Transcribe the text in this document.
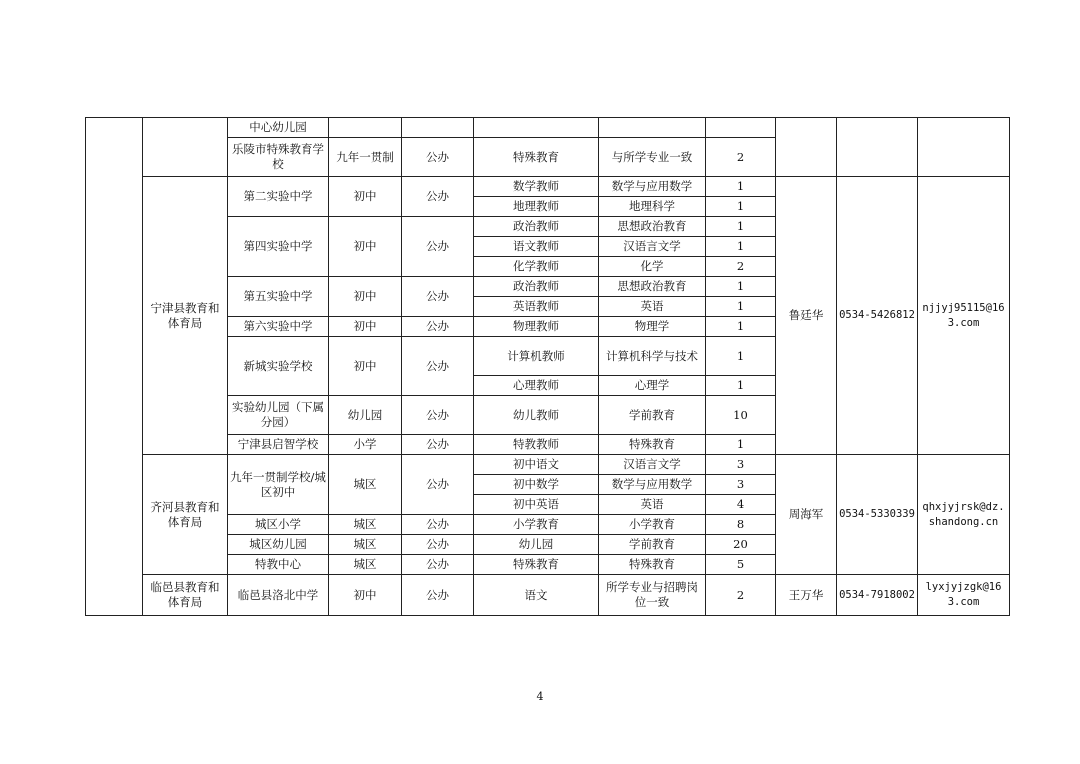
		中心幼儿园								
		乐陵市特殊教育学校	九年一贯制	公办	特殊教育	与所学专业一致	2			

	宁津县教育和体育局	第二实验中学	初中	公办	数学教师	数学与应用数学	1	鲁廷华	0534-5426812	njjyj95115@163.com
					地理教师	地理科学	1			
		第四实验中学	初中	公办	政治教师	思想政治教育	1			
					语文教师	汉语言文学	1			
					化学教师	化学	2			
		第五实验中学	初中	公办	政治教师	思想政治教育	1			
					英语教师	英语	1			
		第六实验中学	初中	公办	物理教师	物理学	1			
		新城实验学校	初中	公办	计算机教师	计算机科学与技术	1			
					心理教师	心理学	1			
		实验幼儿园（下属分园）	幼儿园	公办	幼儿教师	学前教育	10			
		宁津县启智学校	小学	公办	特教教师	特殊教育	1			

	齐河县教育和体育局	九年一贯制学校/城区初中	城区	公办	初中语文	汉语言文学	3	周海军	0534-5330339	qhxjyjrsk@dz.shandong.cn
					初中数学	数学与应用数学	3			
					初中英语	英语	4			
		城区小学	城区	公办	小学教育	小学教育	8			
		城区幼儿园	城区	公办	幼儿园	学前教育	20			
		特教中心	城区	公办	特殊教育	特殊教育	5			
	临邑县教育和体育局	临邑县洛北中学	初中	公办	语文	所学专业与招聘岗位一致	2	王万华	0534-7918002	lyxjyjzgk@163.com
4
